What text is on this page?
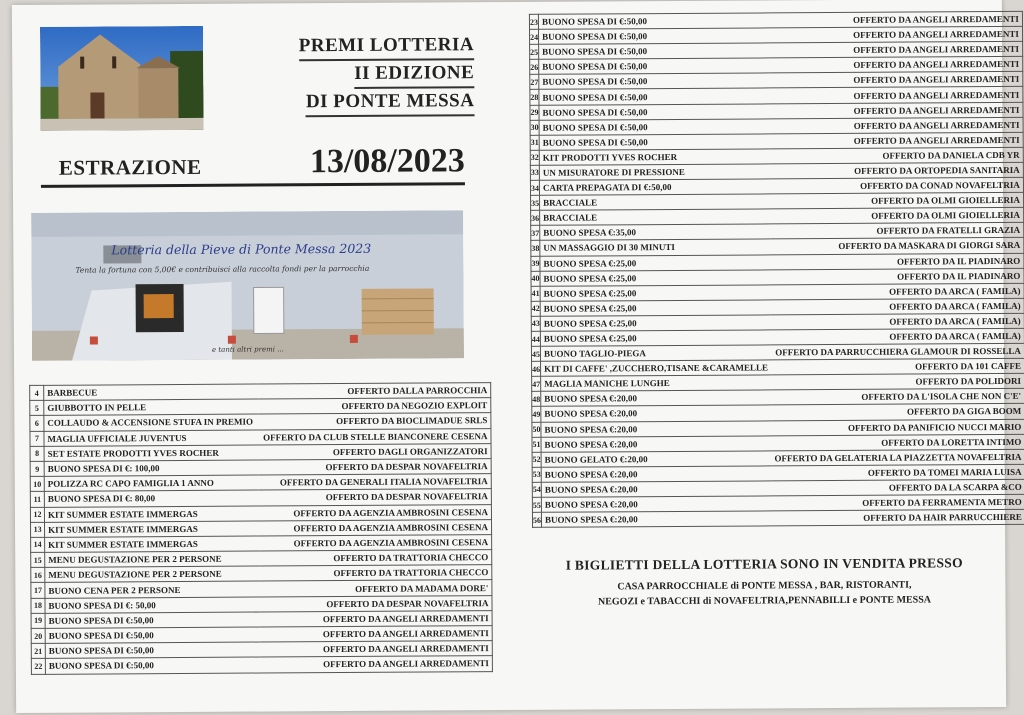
PREMI LOTTERIA
II EDIZIONE
DI PONTE MESSA
ESTRAZIONE	13/08/2023

Lotteria della Pieve di Ponte Messa 2023
Tenta la fortuna con 5,00€ e contribuisci alla raccolta fondi per la parrocchia
e tanti altri premi ...
4	BARBECUE	OFFERTO DALLA PARROCCHIA
5	GIUBBOTTO IN PELLE	OFFERTO DA NEGOZIO EXPLOIT
6	COLLAUDO & ACCENSIONE STUFA IN PREMIO	OFFERTO DA BIOCLIMADUE SRLS
7	MAGLIA UFFICIALE JUVENTUS	OFFERTO DA CLUB STELLE BIANCONERE CESENA
8	SET ESTATE PRODOTTI YVES ROCHER	OFFERTO DAGLI ORGANIZZATORI
9	BUONO SPESA DI €: 100,00	OFFERTO DA DESPAR NOVAFELTRIA
10	POLIZZA RC CAPO FAMIGLIA 1 ANNO	OFFERTO DA GENERALI ITALIA NOVAFELTRIA
11	BUONO SPESA DI €: 80,00	OFFERTO DA DESPAR NOVAFELTRIA
12	KIT SUMMER ESTATE IMMERGAS	OFFERTO DA AGENZIA AMBROSINI CESENA
13	KIT SUMMER ESTATE IMMERGAS	OFFERTO DA AGENZIA AMBROSINI CESENA
14	KIT SUMMER ESTATE IMMERGAS	OFFERTO DA AGENZIA AMBROSINI CESENA
15	MENU DEGUSTAZIONE PER 2 PERSONE	OFFERTO DA TRATTORIA CHECCO
16	MENU DEGUSTAZIONE PER 2 PERSONE	OFFERTO DA TRATTORIA CHECCO
17	BUONO CENA PER 2 PERSONE	OFFERTO DA MADAMA DORE'
18	BUONO SPESA DI €: 50,00	OFFERTO DA DESPAR NOVAFELTRIA
19	BUONO SPESA DI €:50,00	OFFERTO DA ANGELI ARREDAMENTI
20	BUONO SPESA DI €:50,00	OFFERTO DA ANGELI ARREDAMENTI
21	BUONO SPESA DI €:50,00	OFFERTO DA ANGELI ARREDAMENTI
22	BUONO SPESA DI €:50,00	OFFERTO DA ANGELI ARREDAMENTI
23	BUONO SPESA DI €:50,00	OFFERTO DA ANGELI ARREDAMENTI
24	BUONO SPESA DI €:50,00	OFFERTO DA ANGELI ARREDAMENTI
25	BUONO SPESA DI €:50,00	OFFERTO DA ANGELI ARREDAMENTI
26	BUONO SPESA DI €:50,00	OFFERTO DA ANGELI ARREDAMENTI
27	BUONO SPESA DI €:50,00	OFFERTO DA ANGELI ARREDAMENTI
28	BUONO SPESA DI €:50,00	OFFERTO DA ANGELI ARREDAMENTI
29	BUONO SPESA DI €:50,00	OFFERTO DA ANGELI ARREDAMENTI
30	BUONO SPESA DI €:50,00	OFFERTO DA ANGELI ARREDAMENTI
31	BUONO SPESA DI €:50,00	OFFERTO DA ANGELI ARREDAMENTI
32	KIT PRODOTTI YVES ROCHER	OFFERTO DA DANIELA CDB YR
33	UN MISURATORE DI PRESSIONE	OFFERTO DA ORTOPEDIA SANITARIA
34	CARTA PREPAGATA DI €:50,00	OFFERTO DA CONAD NOVAFELTRIA
35	BRACCIALE	OFFERTO DA OLMI GIOIELLERIA
36	BRACCIALE	OFFERTO DA OLMI GIOIELLERIA
37	BUONO SPESA €:35,00	OFFERTO DA FRATELLI GRAZIA
38	UN MASSAGGIO DI 30 MINUTI	OFFERTO DA MASKARA DI GIORGI SARA
39	BUONO SPESA €:25,00	OFFERTO DA IL PIADINARO
40	BUONO SPESA €:25,00	OFFERTO DA IL PIADINARO
41	BUONO SPESA €:25,00	OFFERTO DA ARCA ( FAMILA)
42	BUONO SPESA €:25,00	OFFERTO DA ARCA ( FAMILA)
43	BUONO SPESA €:25,00	OFFERTO DA ARCA ( FAMILA)
44	BUONO SPESA €:25,00	OFFERTO DA ARCA ( FAMILA)
45	BUONO TAGLIO-PIEGA	OFFERTO DA PARRUCCHIERA GLAMOUR DI ROSSELLA
46	KIT DI CAFFE' ,ZUCCHERO,TISANE &CARAMELLE	OFFERTO DA 101 CAFFE
47	MAGLIA MANICHE LUNGHE	OFFERTO DA POLIDORI
48	BUONO SPESA €:20,00	OFFERTO DA L'ISOLA CHE NON C'E'
49	BUONO SPESA €:20,00	OFFERTO DA GIGA BOOM
50	BUONO SPESA €:20,00	OFFERTO DA PANIFICIO NUCCI MARIO
51	BUONO SPESA €:20,00	OFFERTO DA LORETTA INTIMO
52	BUONO GELATO €:20,00	OFFERTO DA GELATERIA LA PIAZZETTA NOVAFELTRIA
53	BUONO SPESA €:20,00	OFFERTO DA TOMEI MARIA LUISA
54	BUONO SPESA €:20,00	OFFERTO DA LA SCARPA &CO
55	BUONO SPESA €:20,00	OFFERTO DA FERRAMENTA METRO
56	BUONO SPESA €:20,00	OFFERTO DA HAIR PARRUCCHIERE
I BIGLIETTI DELLA LOTTERIA SONO IN VENDITA PRESSO
CASA PARROCCHIALE di PONTE MESSA , BAR, RISTORANTI,
NEGOZI e TABACCHI di NOVAFELTRIA,PENNABILLI e PONTE MESSA
